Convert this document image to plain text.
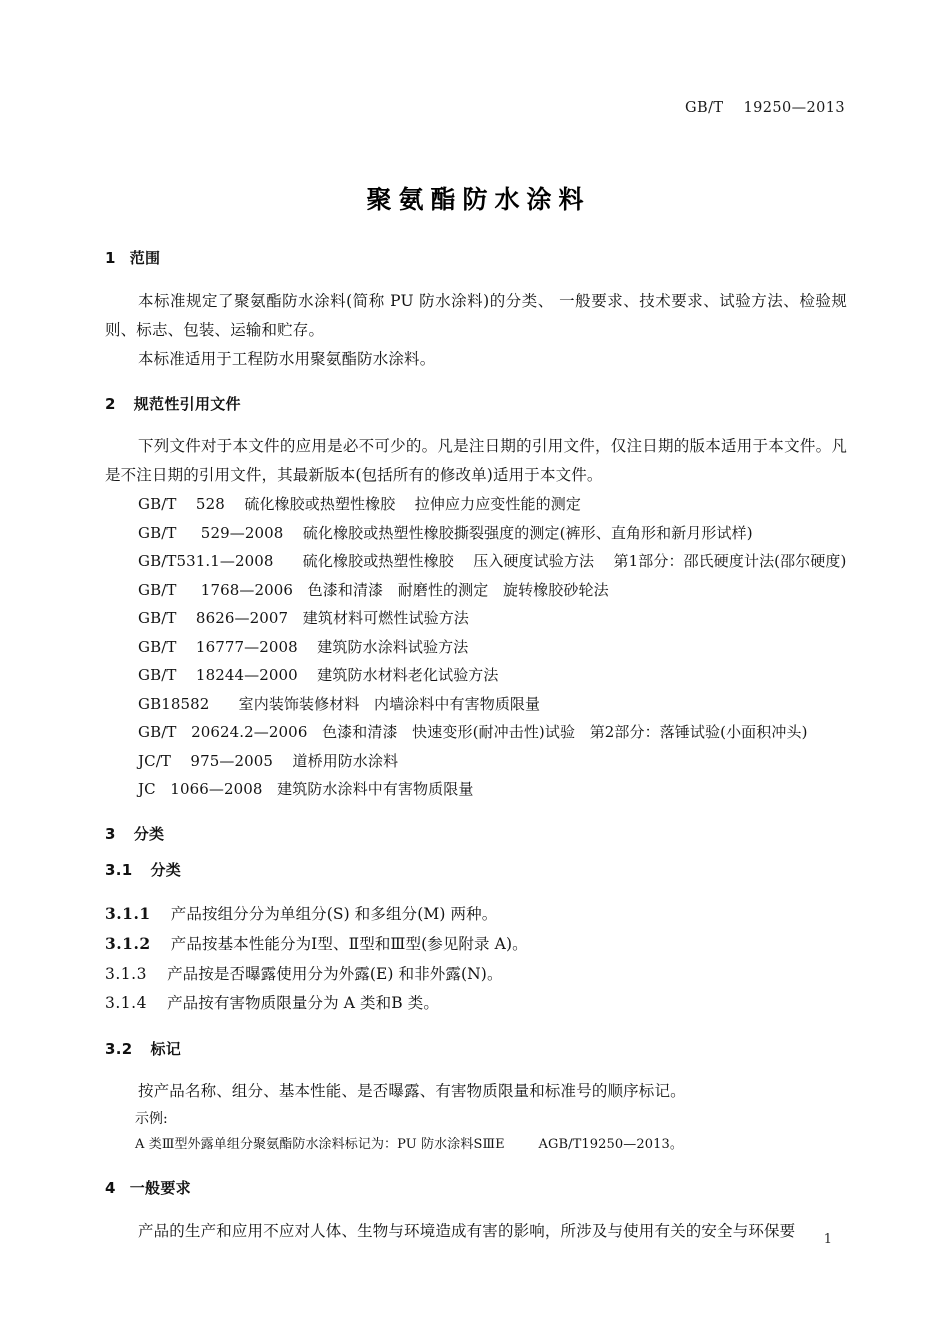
GB/T    19250—2013
聚氨酯防水涂料
1 范围

本标准规定了聚氨酯防水涂料(简称 PU 防水涂料)的分类、 一般要求、技术要求、试验方法、检验规则、标志、包装、运输和贮存。

本标准适用于工程防水用聚氨酯防水涂料。

2 规范性引用文件

下列文件对于本文件的应用是必不可少的。凡是注日期的引用文件，仅注日期的版本适用于本文件。凡是不注日期的引用文件，其最新版本(包括所有的修改单)适用于本文件。

GB/T    528    硫化橡胶或热塑性橡胶    拉伸应力应变性能的测定
GB/T     529—2008    硫化橡胶或热塑性橡胶撕裂强度的测定(裤形、直角形和新月形试样)
GB/T531.1—2008      硫化橡胶或热塑性橡胶    压入硬度试验方法    第1部分：邵氏硬度计法(邵尔硬度)
GB/T     1768—2006   色漆和清漆   耐磨性的测定   旋转橡胶砂轮法
GB/T    8626—2007   建筑材料可燃性试验方法
GB/T    16777—2008    建筑防水涂料试验方法
GB/T    18244—2000    建筑防水材料老化试验方法
GB18582      室内装饰装修材料   内墙涂料中有害物质限量
GB/T   20624.2—2006   色漆和清漆   快速变形(耐冲击性)试验   第2部分：落锤试验(小面积冲头)
JC/T    975—2005    道桥用防水涂料
JC   1066—2008   建筑防水涂料中有害物质限量
3 分类
3.1 分类
3.1.1 产品按组分分为单组分(S) 和多组分(M) 两种。
3.1.2 产品按基本性能分为Ⅰ型、Ⅱ型和Ⅲ型(参见附录 A)。
3.1.3 产品按是否曝露使用分为外露(E) 和非外露(N)。
3.1.4 产品按有害物质限量分为 A 类和B 类。
3.2 标记

按产品名称、组分、基本性能、是否曝露、有害物质限量和标准号的顺序标记。

示例:

A 类Ⅲ型外露单组分聚氨酯防水涂料标记为：PU 防水涂料SⅢE        AGB/T19250—2013。

4 一般要求

产品的生产和应用不应对人体、生物与环境造成有害的影响，所涉及与使用有关的安全与环保要	1
